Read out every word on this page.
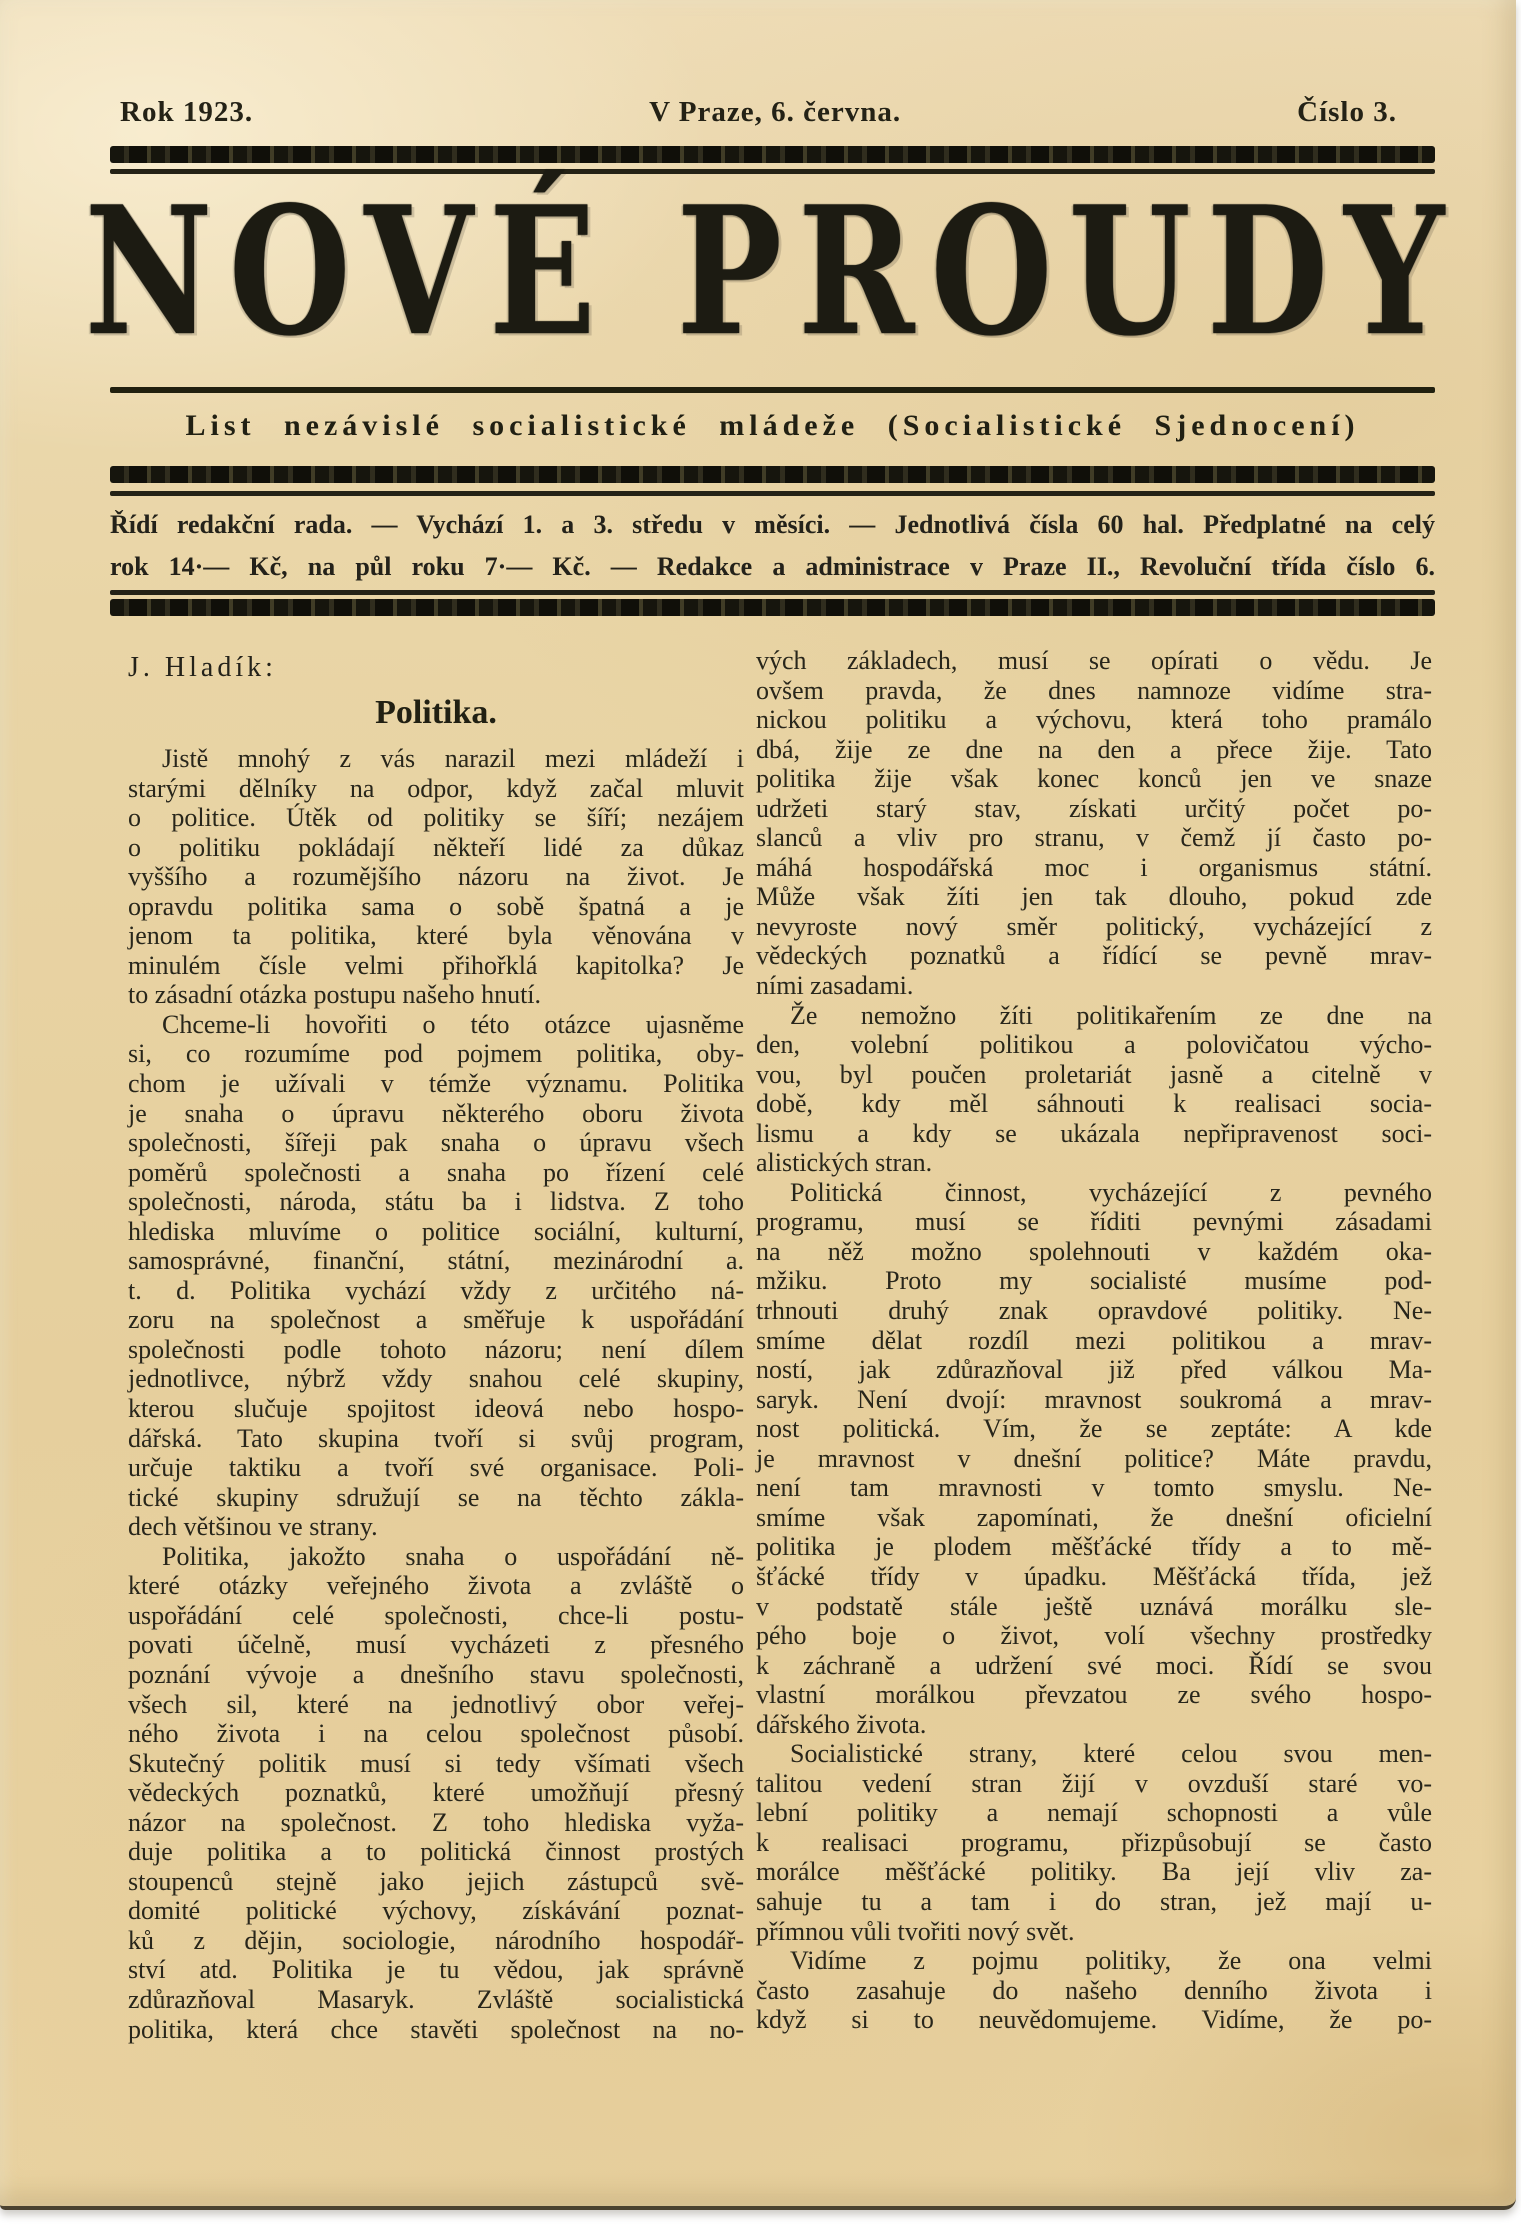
Rok 1923.	V Praze, 6. června.	Číslo 3.
NOVÉ PROUDY
List nezávislé socialistické mládeže (Socialistické Sjednocení)
Řídí redakční rada. — Vychází 1. a 3. středu v měsíci. — Jednotlivá čísla 60 hal. Předplatné na celý
rok 14·— Kč, na půl roku 7·— Kč. — Redakce a administrace v Praze II., Revoluční třída číslo 6.
J. Hladík:
Politika.
Jistě mnohý z vás narazil mezi mládeží i
starými dělníky na odpor, když začal mluvit
o politice. Útěk od politiky se šíří; nezájem
o politiku pokládají někteří lidé za důkaz
vyššího a rozumějšího názoru na život. Je
opravdu politika sama o sobě špatná a je
jenom ta politika, které byla věnována v
minulém čísle velmi přihořklá kapitolka? Je
to zásadní otázka postupu našeho hnutí.
Chceme-li hovořiti o této otázce ujasněme
si, co rozumíme pod pojmem politika, oby-
chom je užívali v témže významu. Politika
je snaha o úpravu některého oboru života
společnosti, šířeji pak snaha o úpravu všech
poměrů společnosti a snaha po řízení celé
společnosti, národa, státu ba i lidstva. Z toho
hlediska mluvíme o politice sociální, kulturní,
samosprávné, finanční, státní, mezinárodní a.
t. d. Politika vychází vždy z určitého ná-
zoru na společnost a směřuje k uspořádání
společnosti podle tohoto názoru; není dílem
jednotlivce, nýbrž vždy snahou celé skupiny,
kterou slučuje spojitost ideová nebo hospo-
dářská. Tato skupina tvoří si svůj program,
určuje taktiku a tvoří své organisace. Poli-
tické skupiny sdružují se na těchto zákla-
dech většinou ve strany.
Politika, jakožto snaha o uspořádání ně-
které otázky veřejného života a zvláště o
uspořádání celé společnosti, chce-li postu-
povati účelně, musí vycházeti z přesného
poznání vývoje a dnešního stavu společnosti,
všech sil, které na jednotlivý obor veřej-
ného života i na celou společnost působí.
Skutečný politik musí si tedy všímati všech
vědeckých poznatků, které umožňují přesný
názor na společnost. Z toho hlediska vyža-
duje politika a to politická činnost prostých
stoupenců stejně jako jejich zástupců svě-
domité politické výchovy, získávání poznat-
ků z dějin, sociologie, národního hospodář-
ství atd. Politika je tu vědou, jak správně
zdůrazňoval Masaryk. Zvláště socialistická
politika, která chce stavěti společnost na no-
vých základech, musí se opírati o vědu. Je
ovšem pravda, že dnes namnoze vidíme stra-
nickou politiku a výchovu, která toho pramálo
dbá, žije ze dne na den a přece žije. Tato
politika žije však konec konců jen ve snaze
udržeti starý stav, získati určitý počet po-
slanců a vliv pro stranu, v čemž jí často po-
máhá hospodářská moc i organismus státní.
Může však žíti jen tak dlouho, pokud zde
nevyroste nový směr politický, vycházející z
vědeckých poznatků a řídící se pevně mrav-
ními zasadami.
Že nemožno žíti politikařením ze dne na
den, volební politikou a polovičatou výcho-
vou, byl poučen proletariát jasně a citelně v
době, kdy měl sáhnouti k realisaci socia-
lismu a kdy se ukázala nepřipravenost soci-
alistických stran.
Politická činnost, vycházející z pevného
programu, musí se říditi pevnými zásadami
na něž možno spolehnouti v každém oka-
mžiku. Proto my socialisté musíme pod-
trhnouti druhý znak opravdové politiky. Ne-
smíme dělat rozdíl mezi politikou a mrav-
ností, jak zdůrazňoval již před válkou Ma-
saryk. Není dvojí: mravnost soukromá a mrav-
nost politická. Vím, že se zeptáte: A kde
je mravnost v dnešní politice? Máte pravdu,
není tam mravnosti v tomto smyslu. Ne-
smíme však zapomínati, že dnešní oficielní
politika je plodem měšťácké třídy a to mě-
šťácké třídy v úpadku. Měšťácká třída, jež
v podstatě stále ještě uznává morálku sle-
pého boje o život, volí všechny prostředky
k záchraně a udržení své moci. Řídí se svou
vlastní morálkou převzatou ze svého hospo-
dářského života.
Socialistické strany, které celou svou men-
talitou vedení stran žijí v ovzduší staré vo-
lební politiky a nemají schopnosti a vůle
k realisaci programu, přizpůsobují se často
morálce měšťácké politiky. Ba její vliv za-
sahuje tu a tam i do stran, jež mají u-
přímnou vůli tvořiti nový svět.
Vidíme z pojmu politiky, že ona velmi
často zasahuje do našeho denního života i
když si to neuvědomujeme. Vidíme, že po-
